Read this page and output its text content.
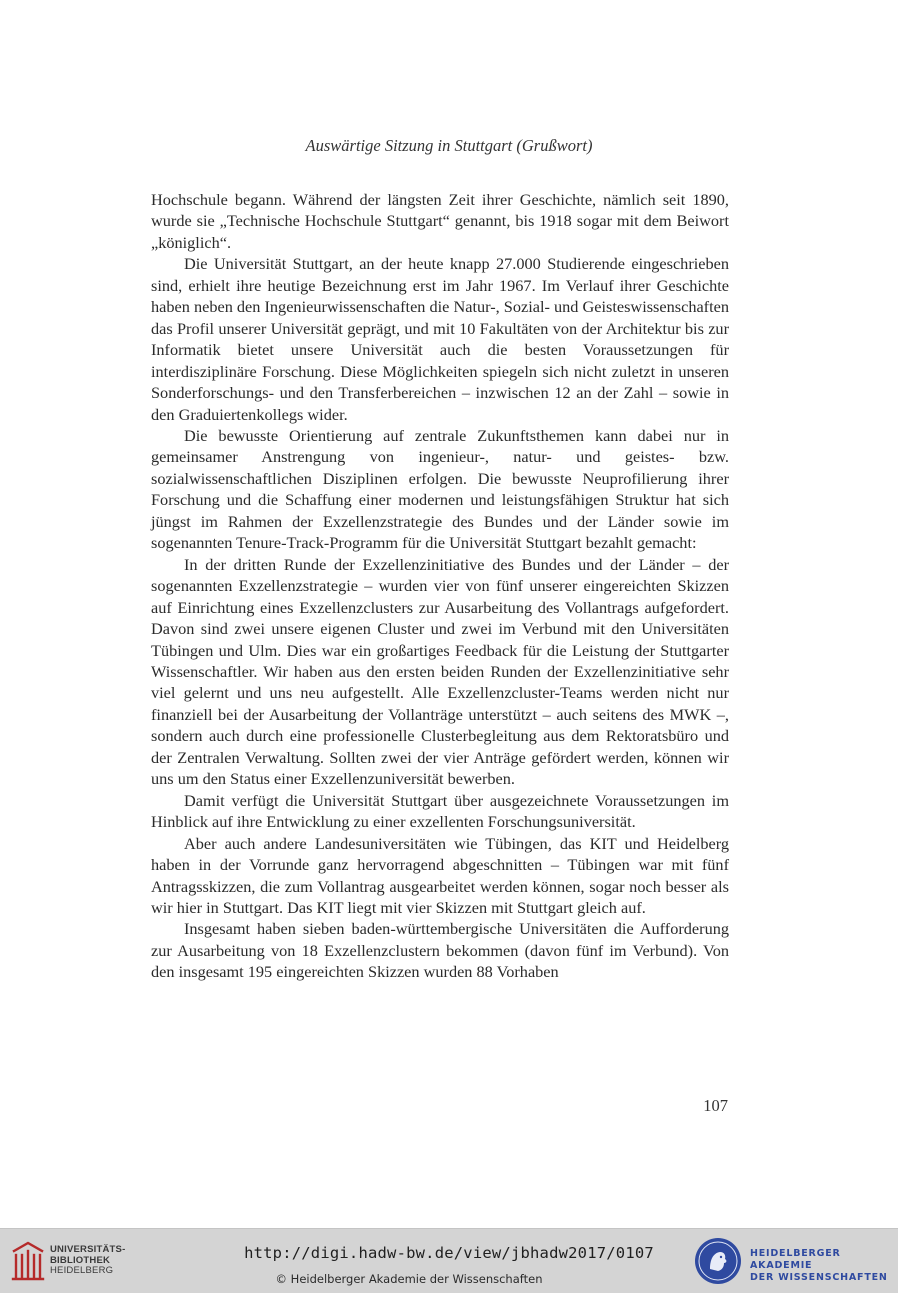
Auswärtige Sitzung in Stuttgart (Grußwort)

Hochschule begann. Während der längsten Zeit ihrer Geschichte, nämlich seit 1890, wurde sie „Technische Hochschule Stuttgart“ genannt, bis 1918 sogar mit dem Beiwort „königlich“.

Die Universität Stuttgart, an der heute knapp 27.000 Studierende eingeschrieben sind, erhielt ihre heutige Bezeichnung erst im Jahr 1967. Im Verlauf ihrer Geschichte haben neben den Ingenieurwissenschaften die Natur-, Sozial- und Geisteswissenschaften das Profil unserer Universität geprägt, und mit 10 Fakultäten von der Architektur bis zur Informatik bietet unsere Universität auch die besten Voraussetzungen für interdisziplinäre Forschung. Diese Möglichkeiten spiegeln sich nicht zuletzt in unseren Sonderforschungs- und den Transferbereichen – inzwischen 12 an der Zahl – sowie in den Graduiertenkollegs wider.

Die bewusste Orientierung auf zentrale Zukunftsthemen kann dabei nur in gemeinsamer Anstrengung von ingenieur-, natur- und geistes- bzw. sozialwissenschaftlichen Disziplinen erfolgen. Die bewusste Neuprofilierung ihrer Forschung und die Schaffung einer modernen und leistungsfähigen Struktur hat sich jüngst im Rahmen der Exzellenzstrategie des Bundes und der Länder sowie im sogenannten Tenure-Track-Programm für die Universität Stuttgart bezahlt gemacht:

In der dritten Runde der Exzellenzinitiative des Bundes und der Länder – der sogenannten Exzellenzstrategie – wurden vier von fünf unserer eingereichten Skizzen auf Einrichtung eines Exzellenzclusters zur Ausarbeitung des Vollantrags aufgefordert. Davon sind zwei unsere eigenen Cluster und zwei im Verbund mit den Universitäten Tübingen und Ulm. Dies war ein großartiges Feedback für die Leistung der Stuttgarter Wissenschaftler. Wir haben aus den ersten beiden Runden der Exzellenzinitiative sehr viel gelernt und uns neu aufgestellt. Alle Exzellenzcluster-Teams werden nicht nur finanziell bei der Ausarbeitung der Vollanträge unterstützt – auch seitens des MWK –, sondern auch durch eine professionelle Clusterbegleitung aus dem Rektoratsbüro und der Zentralen Verwaltung. Sollten zwei der vier Anträge gefördert werden, können wir uns um den Status einer Exzellenzuniversität bewerben.

Damit verfügt die Universität Stuttgart über ausgezeichnete Voraussetzungen im Hinblick auf ihre Entwicklung zu einer exzellenten Forschungsuniversität.

Aber auch andere Landesuniversitäten wie Tübingen, das KIT und Heidelberg haben in der Vorrunde ganz hervorragend abgeschnitten – Tübingen war mit fünf Antragsskizzen, die zum Vollantrag ausgearbeitet werden können, sogar noch besser als wir hier in Stuttgart. Das KIT liegt mit vier Skizzen mit Stuttgart gleich auf.

Insgesamt haben sieben baden-württembergische Universitäten die Aufforderung zur Ausarbeitung von 18 Exzellenzclustern bekommen (davon fünf im Verbund). Von den insgesamt 195 eingereichten Skizzen wurden 88 Vorhaben

107
UNIVERSITÄTS-
BIBLIOTHEK
HEIDELBERG
http://digi.hadw-bw.de/view/jbhadw2017/0107
© Heidelberger Akademie der Wissenschaften
HEIDELBERGER AKADEMIE
DER WISSENSCHAFTEN
